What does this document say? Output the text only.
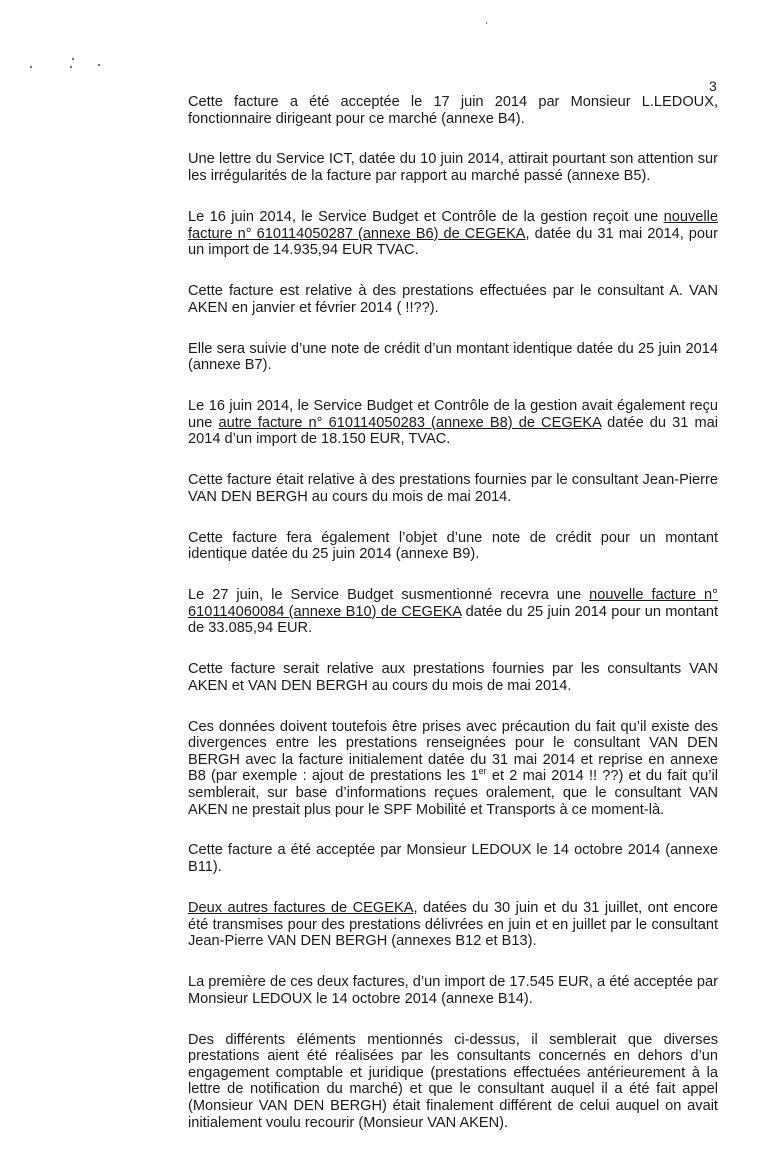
3

Cette facture a été acceptée le 17 juin 2014 par Monsieur L.LEDOUX, fonctionnaire dirigeant pour ce marché (annexe B4).

Une lettre du Service ICT, datée du 10 juin 2014, attirait pourtant son attention sur les irrégularités de la facture par rapport au marché passé (annexe B5).

Le 16 juin 2014, le Service Budget et Contrôle de la gestion reçoit une nouvelle facture n° 610114050287 (annexe B6) de CEGEKA, datée du 31 mai 2014, pour un import de 14.935,94 EUR TVAC.

Cette facture est relative à des prestations effectuées par le consultant A. VAN AKEN en janvier et février 2014 ( !!??).

Elle sera suivie d’une note de crédit d’un montant identique datée du 25 juin 2014 (annexe B7).

Le 16 juin 2014, le Service Budget et Contrôle de la gestion avait également reçu une autre facture n° 610114050283 (annexe B8) de CEGEKA datée du 31 mai 2014 d’un import de 18.150 EUR, TVAC.

Cette facture était relative à des prestations fournies par le consultant Jean-Pierre VAN DEN BERGH au cours du mois de mai 2014.

Cette facture fera également l’objet d’une note de crédit pour un montant identique datée du 25 juin 2014 (annexe B9).

Le 27 juin, le Service Budget susmentionné recevra une nouvelle facture n° 610114060084 (annexe B10) de CEGEKA datée du 25 juin 2014 pour un montant de 33.085,94 EUR.

Cette facture serait relative aux prestations fournies par les consultants VAN AKEN et VAN DEN BERGH au cours du mois de mai 2014.

Ces données doivent toutefois être prises avec précaution du fait qu’il existe des divergences entre les prestations renseignées pour le consultant VAN DEN BERGH avec la facture initialement datée du 31 mai 2014 et reprise en annexe B8 (par exemple : ajout de prestations les 1er et 2 mai 2014 !! ??) et du fait qu’il semblerait, sur base d’informations reçues oralement, que le consultant VAN AKEN ne prestait plus pour le SPF Mobilité et Transports à ce moment-là.

Cette facture a été acceptée par Monsieur LEDOUX le 14 octobre 2014 (annexe B11).

Deux autres factures de CEGEKA, datées du 30 juin et du 31 juillet, ont encore été transmises pour des prestations délivrées en juin et en juillet par le consultant Jean-Pierre VAN DEN BERGH (annexes B12 et B13).

La première de ces deux factures, d’un import de 17.545 EUR, a été acceptée par Monsieur LEDOUX le 14 octobre 2014 (annexe B14).

Des différents éléments mentionnés ci-dessus, il semblerait que diverses prestations aient été réalisées par les consultants concernés en dehors d’un engagement comptable et juridique (prestations effectuées antérieurement à la lettre de notification du marché) et que le consultant auquel il a été fait appel (Monsieur VAN DEN BERGH) était finalement différent de celui auquel on avait initialement voulu recourir (Monsieur VAN AKEN).
